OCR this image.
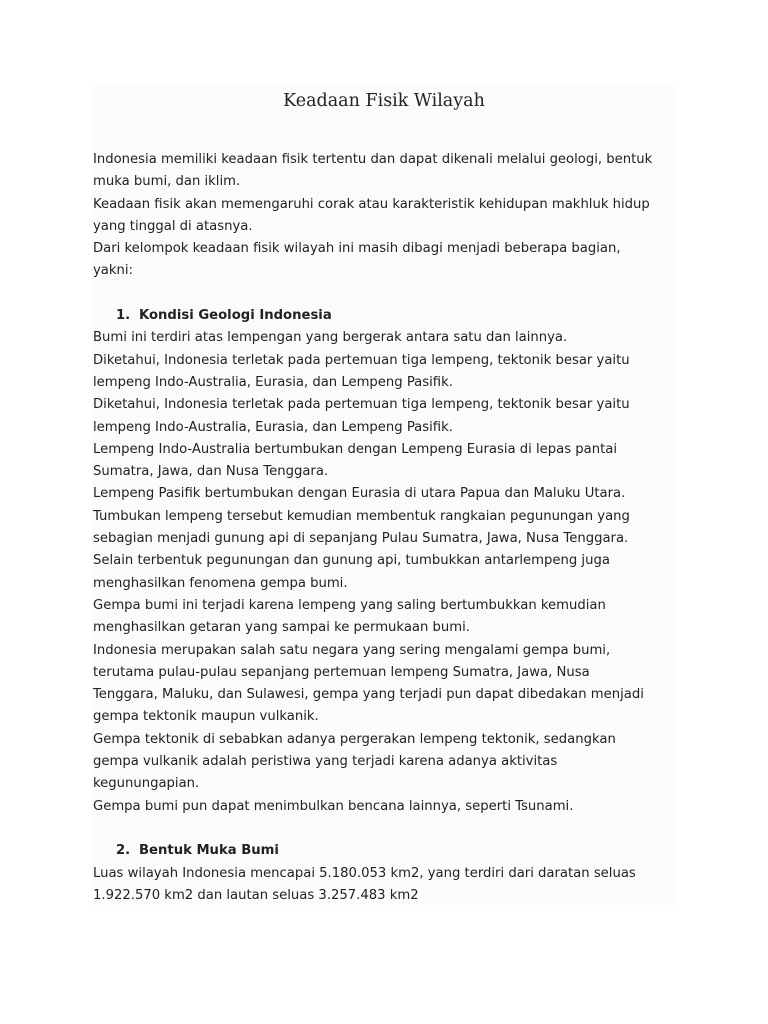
Keadaan Fisik Wilayah
Indonesia memiliki keadaan fisik tertentu dan dapat dikenali melalui geologi, bentuk
muka bumi, dan iklim.
Keadaan fisik akan memengaruhi corak atau karakteristik kehidupan makhluk hidup
yang tinggal di atasnya.
Dari kelompok keadaan fisik wilayah ini masih dibagi menjadi beberapa bagian,
yakni:
1. Kondisi Geologi Indonesia
Bumi ini terdiri atas lempengan yang bergerak antara satu dan lainnya.
Diketahui, Indonesia terletak pada pertemuan tiga lempeng, tektonik besar yaitu
lempeng Indo-Australia, Eurasia, dan Lempeng Pasifik.
Diketahui, Indonesia terletak pada pertemuan tiga lempeng, tektonik besar yaitu
lempeng Indo-Australia, Eurasia, dan Lempeng Pasifik.
Lempeng Indo-Australia bertumbukan dengan Lempeng Eurasia di lepas pantai
Sumatra, Jawa, dan Nusa Tenggara.
Lempeng Pasifik bertumbukan dengan Eurasia di utara Papua dan Maluku Utara.
Tumbukan lempeng tersebut kemudian membentuk rangkaian pegunungan yang
sebagian menjadi gunung api di sepanjang Pulau Sumatra, Jawa, Nusa Tenggara.
Selain terbentuk pegunungan dan gunung api, tumbukkan antarlempeng juga
menghasilkan fenomena gempa bumi.
Gempa bumi ini terjadi karena lempeng yang saling bertumbukkan kemudian
menghasilkan getaran yang sampai ke permukaan bumi.
Indonesia merupakan salah satu negara yang sering mengalami gempa bumi,
terutama pulau-pulau sepanjang pertemuan lempeng Sumatra, Jawa, Nusa
Tenggara, Maluku, dan Sulawesi, gempa yang terjadi pun dapat dibedakan menjadi
gempa tektonik maupun vulkanik.
Gempa tektonik di sebabkan adanya pergerakan lempeng tektonik, sedangkan
gempa vulkanik adalah peristiwa yang terjadi karena adanya aktivitas
kegunungapian.
Gempa bumi pun dapat menimbulkan bencana lainnya, seperti Tsunami.
2. Bentuk Muka Bumi
Luas wilayah Indonesia mencapai 5.180.053 km2, yang terdiri dari daratan seluas
1.922.570 km2 dan lautan seluas 3.257.483 km2
